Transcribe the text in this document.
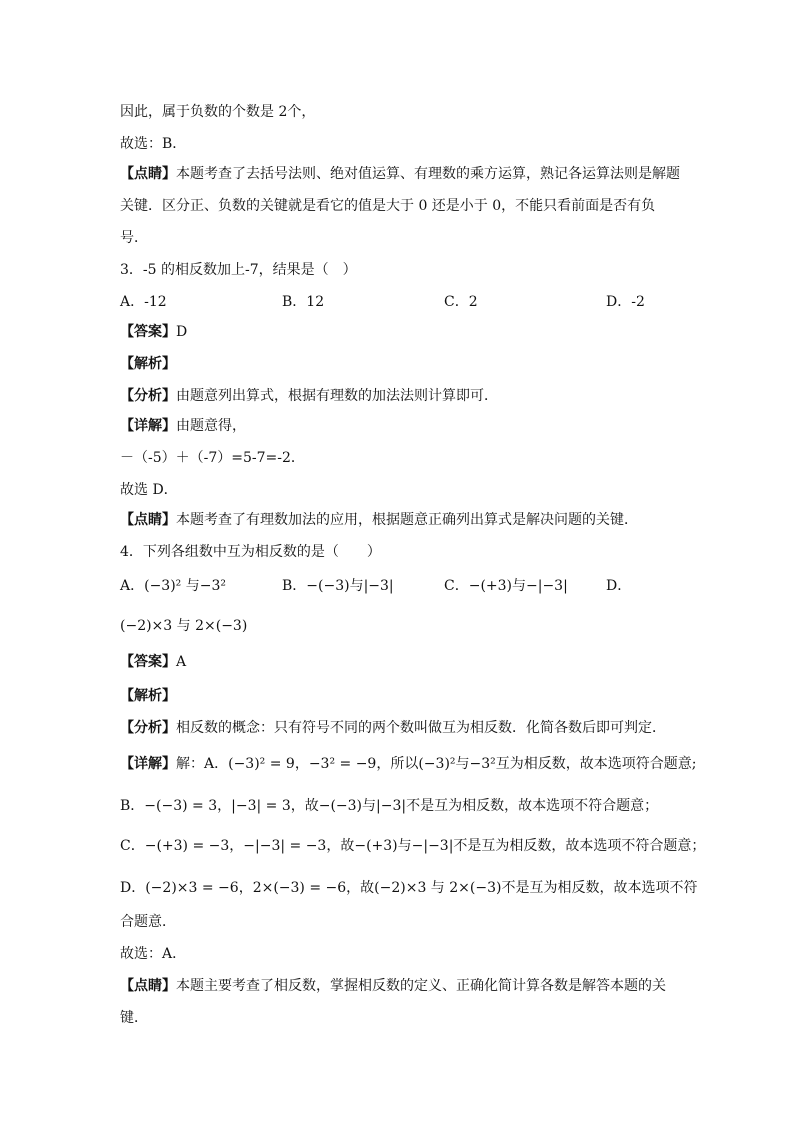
因此，属于负数的个数是 2个，
故选：B．
【点睛】本题考查了去括号法则、绝对值运算、有理数的乘方运算，熟记各运算法则是解题
关键．区分正、负数的关键就是看它的值是大于 0 还是小于 0，不能只看前面是否有负
号．
3．-5 的相反数加上-7，结果是（　）
A．-12	B．12	C．2	D．-2
【答案】D
【解析】
【分析】由题意列出算式，根据有理数的加法法则计算即可．
【详解】由题意得，
－（-5）＋（-7）=5-7=-2．
故选 D．
【点睛】本题考查了有理数加法的应用，根据题意正确列出算式是解决问题的关键．
4．下列各组数中互为相反数的是（　　）
A．(−3)² 与−3²	B．−(−3)与|−3|	C．−(+3)与−|−3|	D．
(−2)×3 与 2×(−3)
【答案】A
【解析】
【分析】相反数的概念：只有符号不同的两个数叫做互为相反数．化简各数后即可判定．
【详解】解：A．(−3)² = 9，−3² = −9，所以(−3)²与−3²互为相反数，故本选项符合题意;
B．−(−3) = 3，|−3| = 3，故−(−3)与|−3|不是互为相反数，故本选项不符合题意；
C．−(+3) = −3，−|−3| = −3，故−(+3)与−|−3|不是互为相反数，故本选项不符合题意；
D．(−2)×3 = −6，2×(−3) = −6，故(−2)×3 与 2×(−3)不是互为相反数，故本选项不符
合题意．
故选：A．
【点睛】本题主要考查了相反数，掌握相反数的定义、正确化简计算各数是解答本题的关
键．
